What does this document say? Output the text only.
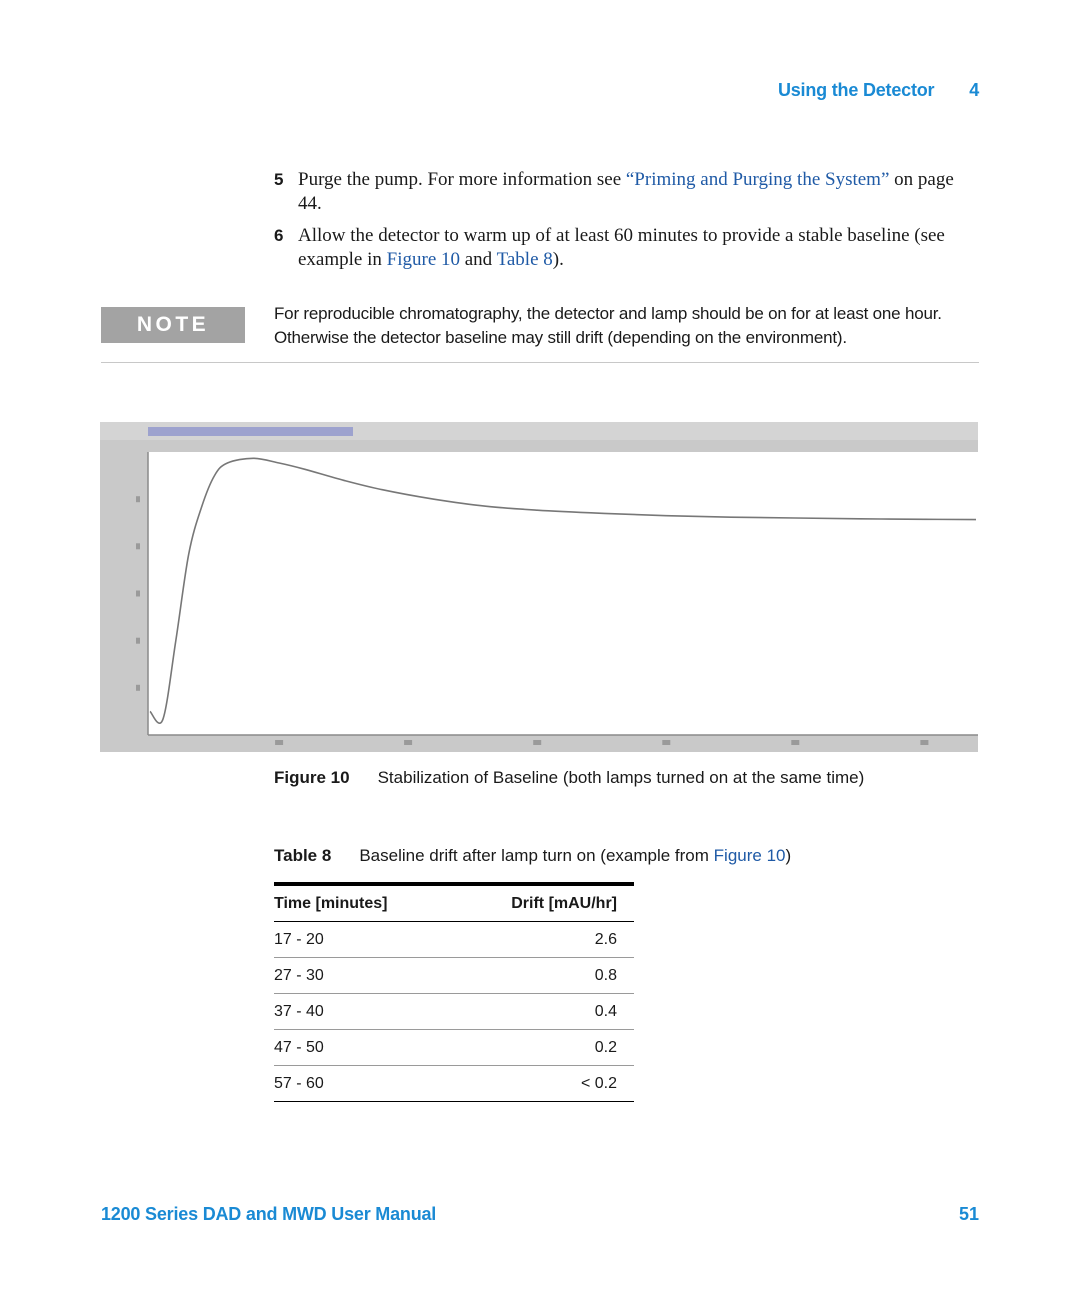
Using the Detector 4
5 Purge the pump. For more information see “Priming and Purging the System” on page 44.
6 Allow the detector to warm up of at least 60 minutes to provide a stable baseline (see example in Figure 10 and Table 8).
NOTE	For reproducible chromatography, the detector and lamp should be on for at least one hour. Otherwise the detector baseline may still drift (depending on the environment).
Figure 10 Stabilization of Baseline (both lamps turned on at the same time)
Table 8 Baseline drift after lamp turn on (example from Figure 10)
Time [minutes]	Drift [mAU/hr]
17 - 20	2.6
27 - 30	0.8
37 - 40	0.4
47 - 50	0.2
57 - 60	< 0.2
1200 Series DAD and MWD User Manual	51
